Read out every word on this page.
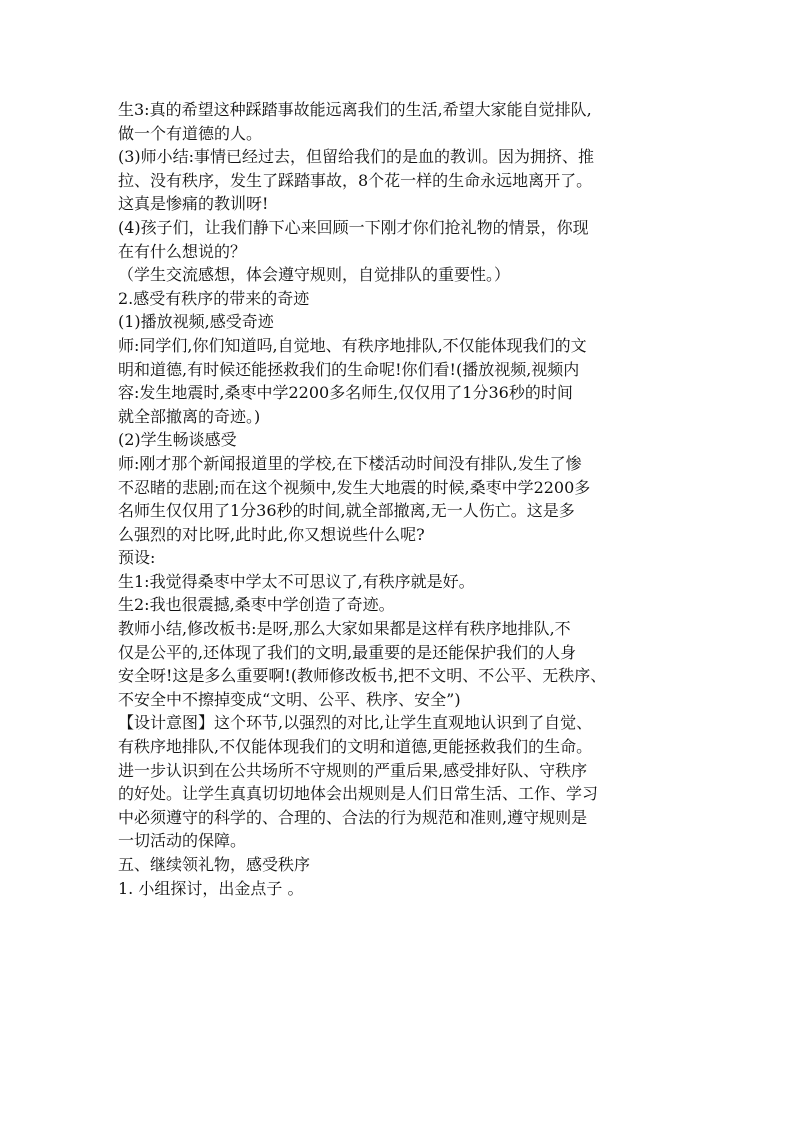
生3:真的希望这种踩踏事故能远离我们的生活,希望大家能自觉排队,

做一个有道德的人。

(3)师小结:事情已经过去，但留给我们的是血的教训。因为拥挤、推

拉、没有秩序，发生了踩踏事故，8个花一样的生命永远地离开了。

这真是惨痛的教训呀!

(4)孩子们，让我们静下心来回顾一下刚才你们抢礼物的情景，你现

在有什么想说的？

（学生交流感想，体会遵守规则，自觉排队的重要性。）

2.感受有秩序的带来的奇迹

(1)播放视频,感受奇迹

师:同学们,你们知道吗,自觉地、有秩序地排队,不仅能体现我们的文

明和道德,有时候还能拯救我们的生命呢!你们看!(播放视频,视频内

容:发生地震时,桑枣中学2200多名师生,仅仅用了1分36秒的时间

就全部撤离的奇迹。)

(2)学生畅谈感受

师:刚才那个新闻报道里的学校,在下楼活动时间没有排队,发生了惨

不忍睹的悲剧;而在这个视频中,发生大地震的时候,桑枣中学2200多

名师生仅仅用了1分36秒的时间,就全部撤离,无一人伤亡。这是多

么强烈的对比呀,此时此,你又想说些什么呢?

预设:

生1:我觉得桑枣中学太不可思议了,有秩序就是好。

生2:我也很震撼,桑枣中学创造了奇迹。

教师小结,修改板书:是呀,那么大家如果都是这样有秩序地排队,不

仅是公平的,还体现了我们的文明,最重要的是还能保护我们的人身

安全呀!这是多么重要啊!(教师修改板书,把不文明、不公平、无秩序、

不安全中不擦掉变成“文明、公平、秩序、安全”)

【设计意图】这个环节,以强烈的对比,让学生直观地认识到了自觉、

有秩序地排队,不仅能体现我们的文明和道德,更能拯救我们的生命。

进一步认识到在公共场所不守规则的严重后果,感受排好队、守秩序

的好处。让学生真真切切地体会出规则是人们日常生活、工作、学习

中必须遵守的科学的、合理的、合法的行为规范和准则,遵守规则是

一切活动的保障。

五、继续领礼物，感受秩序

1. 小组探讨，出金点子 。
